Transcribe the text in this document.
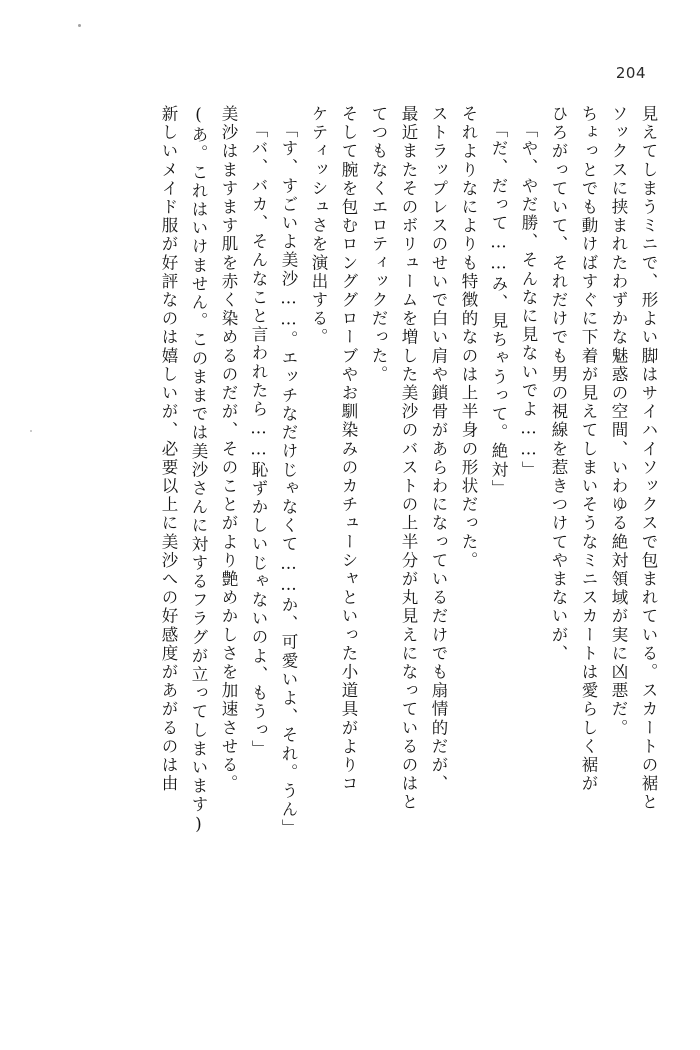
204
見えてしまうミニで、形よい脚はサイハイソックスで包まれている。スカートの裾と
ソックスに挟まれたわずかな魅惑の空間、いわゆる絶対領域が実に凶悪だ。
ちょっとでも動けばすぐに下着が見えてしまいそうなミニスカートは愛らしく裾が
ひろがっていて、それだけでも男の視線を惹きつけてやまないが、
「や、やだ勝、そんなに見ないでよ……」
「だ、だって……み、見ちゃうって。絶対」
それよりなによりも特徴的なのは上半身の形状だった。
ストラップレスのせいで白い肩や鎖骨があらわになっているだけでも扇情的だが、
最近またそのボリュームを増した美沙のバストの上半分が丸見えになっているのはと
てつもなくエロティックだった。
そして腕を包むロンググローブやお馴染みのカチューシャといった小道具がよりコ
ケティッシュさを演出する。
「す、すごいよ美沙……。エッチなだけじゃなくて……か、可愛いよ、それ。うん」
「バ、バカ、そんなこと言われたら……恥ずかしいじゃないのよ、もうっ」
美沙はますます肌を赤く染めるのだが、そのことがより艶めかしさを加速させる。
(あ。これはいけません。このままでは美沙さんに対するフラグが立ってしまいます)
新しいメイド服が好評なのは嬉しいが、必要以上に美沙への好感度があがるのは由
